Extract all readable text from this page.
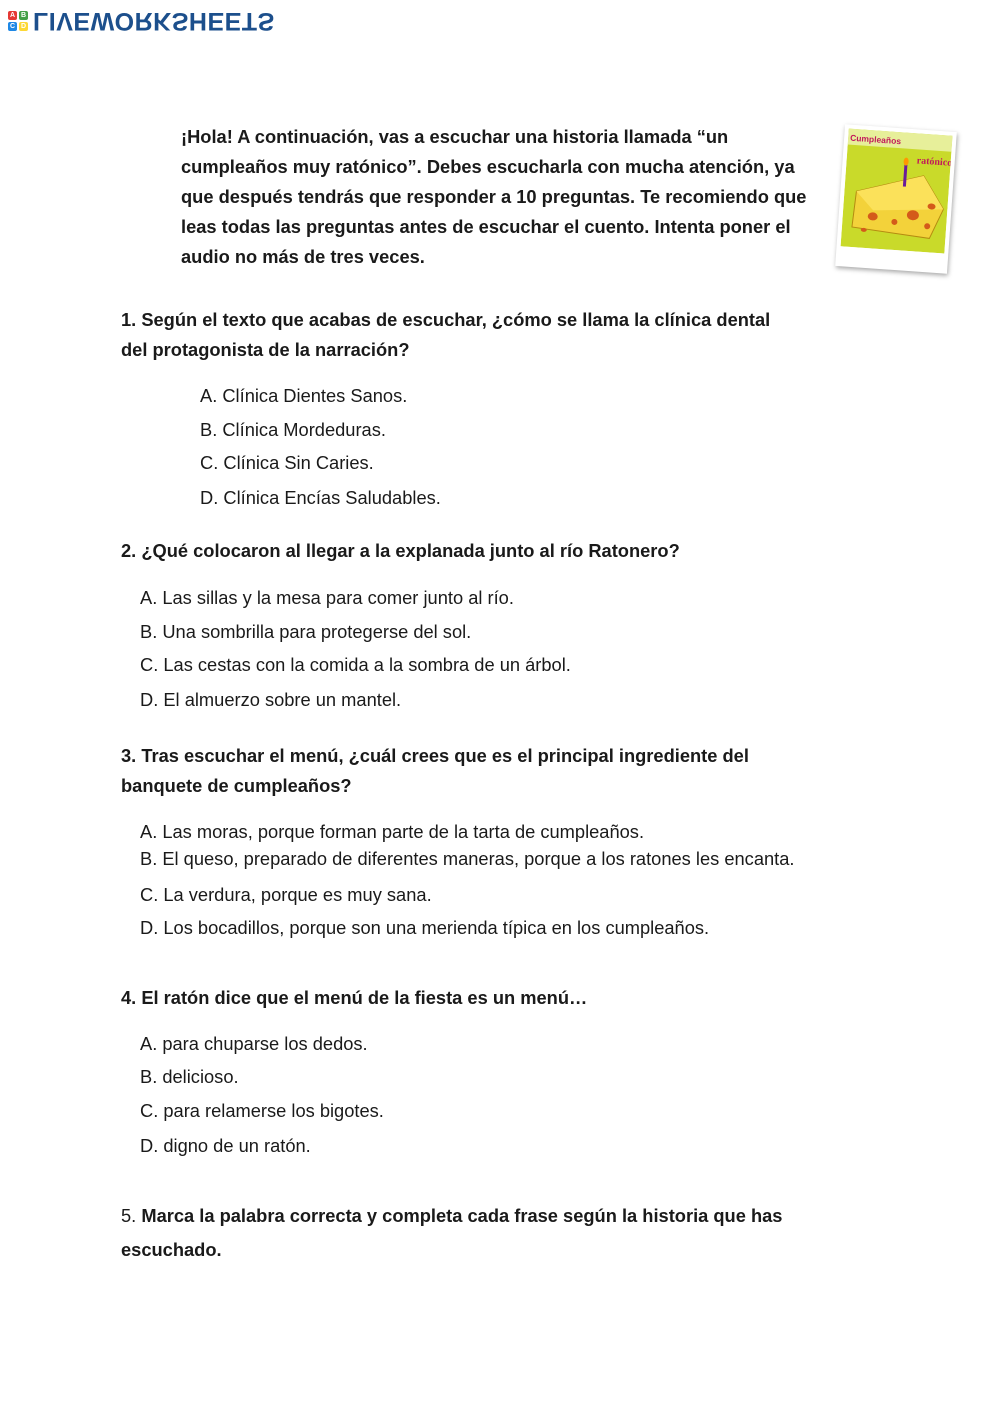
A B
C D LIVEWORKSHEETS
¡Hola! A continuación, vas a escuchar una historia llamada “un cumpleaños muy ratónico”. Debes escucharla con mucha atención, ya que después tendrás que responder a 10 preguntas. Te recomiendo que leas todas las preguntas antes de escuchar el cuento. Intenta poner el audio no más de tres veces.
Cumpleaños
ratónico
1. Según el texto que acabas de escuchar, ¿cómo se llama la clínica dental
del protagonista de la narración?
A. Clínica Dientes Sanos.
B. Clínica Mordeduras.
C. Clínica Sin Caries.
D. Clínica Encías Saludables.
2. ¿Qué colocaron al llegar a la explanada junto al río Ratonero?
A. Las sillas y la mesa para comer junto al río.
B. Una sombrilla para protegerse del sol.
C. Las cestas con la comida a la sombra de un árbol.
D. El almuerzo sobre un mantel.
3. Tras escuchar el menú, ¿cuál crees que es el principal ingrediente del
banquete de cumpleaños?
A. Las moras, porque forman parte de la tarta de cumpleaños.
B. El queso, preparado de diferentes maneras, porque a los ratones les encanta.
C. La verdura, porque es muy sana.
D. Los bocadillos, porque son una merienda típica en los cumpleaños.
4. El ratón dice que el menú de la fiesta es un menú…
A. para chuparse los dedos.
B. delicioso.
C. para relamerse los bigotes.
D. digno de un ratón.
5. Marca la palabra correcta y completa cada frase según la historia que has
escuchado.
